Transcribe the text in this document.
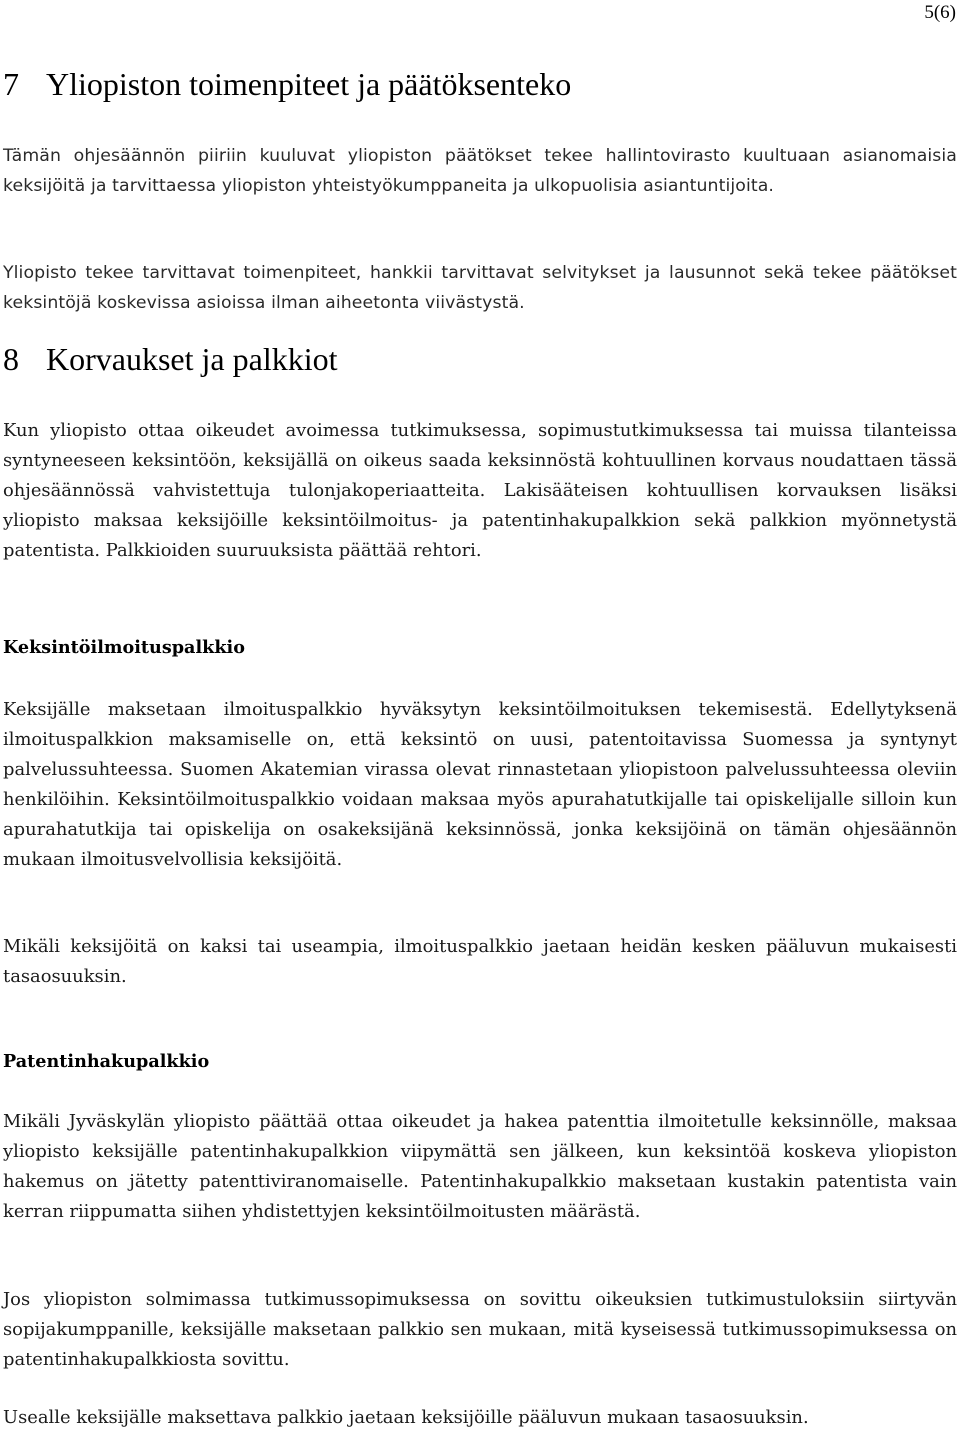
5(6)
7 Yliopiston toimenpiteet ja päätöksenteko

Tämän ohjesäännön piiriin kuuluvat yliopiston päätökset tekee hallintovirasto kuultuaan asianomaisia keksijöitä ja tarvittaessa yliopiston yhteistyökumppaneita ja ulkopuolisia asiantuntijoita.

Yliopisto tekee tarvittavat toimenpiteet, hankkii tarvittavat selvitykset ja lausunnot sekä tekee päätökset keksintöjä koskevissa asioissa ilman aiheetonta viivästystä.

8 Korvaukset ja palkkiot

Kun yliopisto ottaa oikeudet avoimessa tutkimuksessa, sopimustutkimuksessa tai muissa tilanteissa syntyneeseen keksintöön, keksijällä on oikeus saada keksinnöstä kohtuullinen korvaus noudattaen tässä ohjesäännössä vahvistettuja tulonjakoperiaatteita. Lakisääteisen kohtuullisen korvauksen lisäksi yliopisto maksaa keksijöille keksintöilmoitus- ja patentinhakupalkkion sekä palkkion myönnetystä patentista. Palkkioiden suuruuksista päättää rehtori.

Keksintöilmoituspalkkio

Keksijälle maksetaan ilmoituspalkkio hyväksytyn keksintöilmoituksen tekemisestä. Edellytyksenä ilmoituspalkkion maksamiselle on, että keksintö on uusi, patentoitavissa Suomessa ja syntynyt palvelussuhteessa. Suomen Akatemian virassa olevat rinnastetaan yliopistoon palvelussuhteessa oleviin henkilöihin. Keksintöilmoituspalkkio voidaan maksaa myös apurahatutkijalle tai opiskelijalle silloin kun apurahatutkija tai opiskelija on osakeksijänä keksinnössä, jonka keksijöinä on tämän ohjesäännön mukaan ilmoitusvelvollisia keksijöitä.

Mikäli keksijöitä on kaksi tai useampia, ilmoituspalkkio jaetaan heidän kesken pääluvun mukaisesti tasaosuuksin.

Patentinhakupalkkio

Mikäli Jyväskylän yliopisto päättää ottaa oikeudet ja hakea patenttia ilmoitetulle keksinnölle, maksaa yliopisto keksijälle patentinhakupalkkion viipymättä sen jälkeen, kun keksintöä koskeva yliopiston hakemus on jätetty patenttiviranomaiselle. Patentinhakupalkkio maksetaan kustakin patentista vain kerran riippumatta siihen yhdistettyjen keksintöilmoitusten määrästä.

Jos yliopiston solmimassa tutkimussopimuksessa on sovittu oikeuksien tutkimustuloksiin siirtyvän sopijakumppanille, keksijälle maksetaan palkkio sen mukaan, mitä kyseisessä tutkimussopimuksessa on patentinhakupalkkiosta sovittu.

Usealle keksijälle maksettava palkkio jaetaan keksijöille pääluvun mukaan tasaosuuksin.
